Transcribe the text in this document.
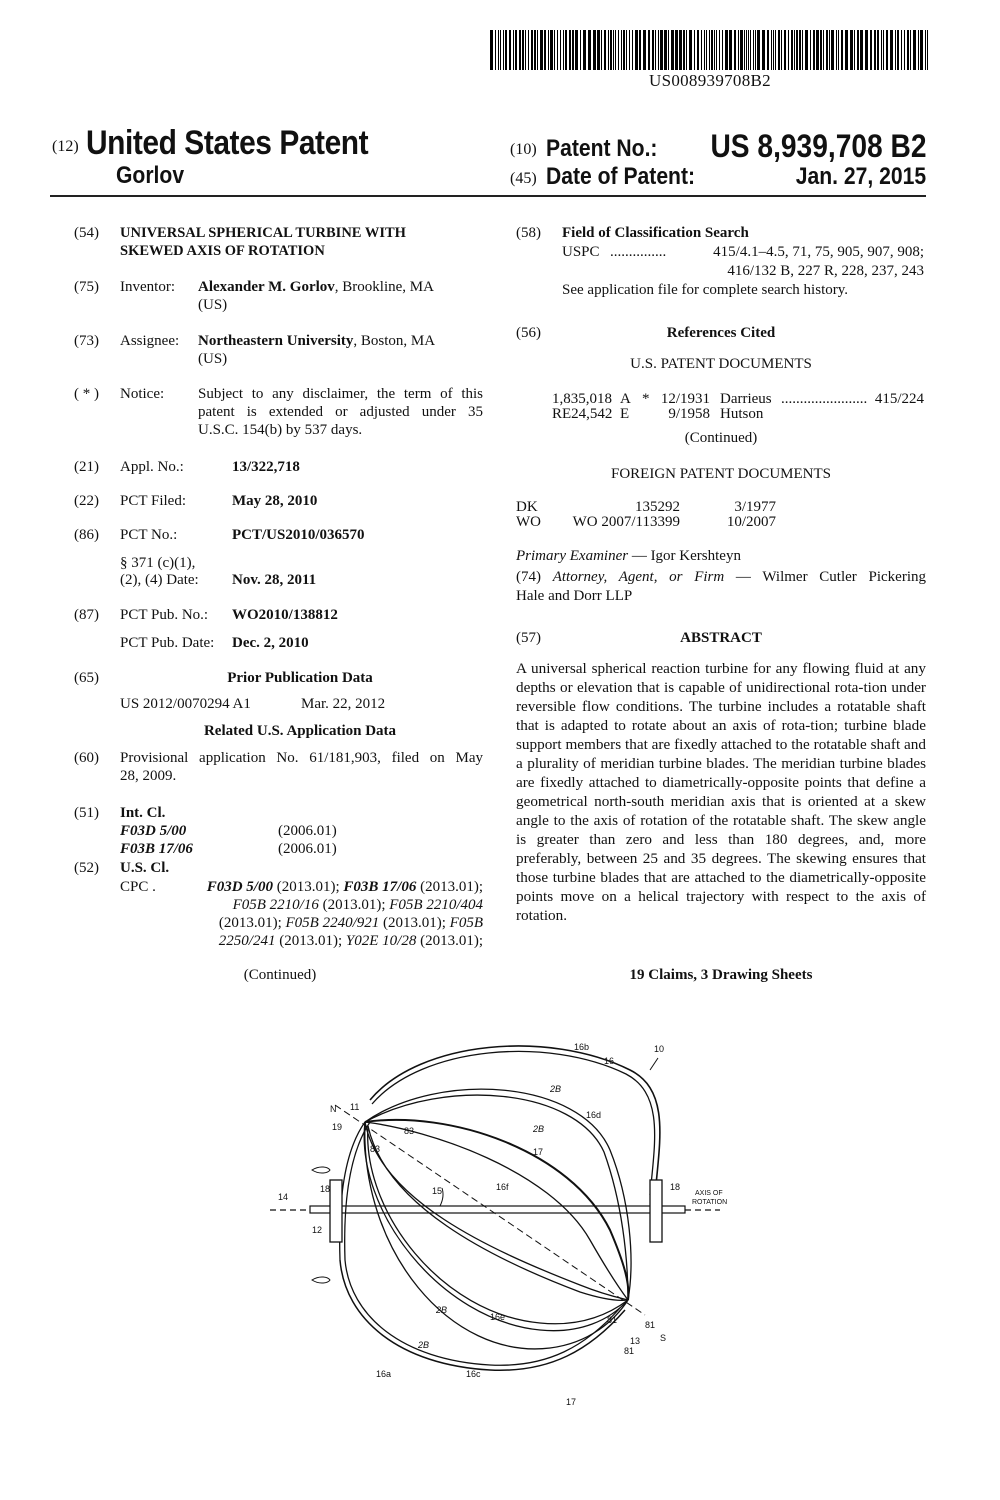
US008939708B2
(12) United States Patent
Gorlov
(10) Patent No.: US 8,939,708 B2
(45) Date of Patent:	Jan. 27, 2015
(54) UNIVERSAL SPHERICAL TURBINE WITH
SKEWED AXIS OF ROTATION
(75) Inventor: Alexander M. Gorlov, Brookline, MA
(US)
(73) Assignee: Northeastern University, Boston, MA
(US)
( * ) Notice: Subject to any disclaimer, the term of this
patent is extended or adjusted under 35
U.S.C. 154(b) by 537 days.
(21) Appl. No.:	13/322,718
(22) PCT Filed:	May 28, 2010
(86) PCT No.:	PCT/US2010/036570
§ 371 (c)(1),
(2), (4) Date: Nov. 28, 2011
(87) PCT Pub. No.: WO2010/138812
PCT Pub. Date: Dec. 2, 2010
(65)	Prior Publication Data
US 2012/0070294 A1	Mar. 22, 2012
Related U.S. Application Data
(60) Provisional application No. 61/181,903, filed on May
28, 2009.
(51) Int. Cl.
F03D 5/00	(2006.01)
F03B 17/06	(2006.01)
(52) U.S. Cl.
CPC .	F03D 5/00 (2013.01); F03B 17/06 (2013.01);
F05B 2210/16 (2013.01); F05B 2210/404
(2013.01); F05B 2240/921 (2013.01); F05B
2250/241 (2013.01); Y02E 10/28 (2013.01);
(Continued)
(58) Field of Classification Search
USPC ...............	415/4.1–4.5, 71, 75, 905, 907, 908;
416/132 B, 227 R, 228, 237, 243
See application file for complete search history.
(56)	References Cited
U.S. PATENT DOCUMENTS
1,835,018 A * 12/1931 Darrieus ....................... 415/224
RE24,542 E	9/1958 Hutson
(Continued)
FOREIGN PATENT DOCUMENTS
DK	135292	3/1977
WO WO 2007/113399	10/2007
Primary Examiner — Igor Kershteyn
(74) Attorney, Agent, or Firm — Wilmer Cutler Pickering
Hale and Dorr LLP
(57)	ABSTRACT
A universal spherical reaction turbine for any flowing fluid at any depths or elevation that is capable of unidirectional rota-tion under reversible flow conditions. The turbine includes a rotatable shaft that is adapted to rotate about an axis of rota-tion; turbine blade support members that are fixedly attached to the rotatable shaft and a plurality of meridian turbine blades. The meridian turbine blades are fixedly attached to diametrically-opposite points that define a geometrical north-south meridian axis that is oriented at a skew angle to the axis of rotation of the rotatable shaft. The skew angle is greater than zero and less than 180 degrees, and, more preferably, between 25 and 35 degrees. The skewing ensures that those turbine blades that are attached to the diametrically-opposite points move on a helical trajectory with respect to the axis of rotation.
19 Claims, 3 Drawing Sheets
10
16
16b
2B
2B
16d
17
16f	18
AXIS OF
ROTATION
N 11
19	83
83
15
18
14
12
2B
2B
16e
16a	16c
17
81	81
81
13 S
